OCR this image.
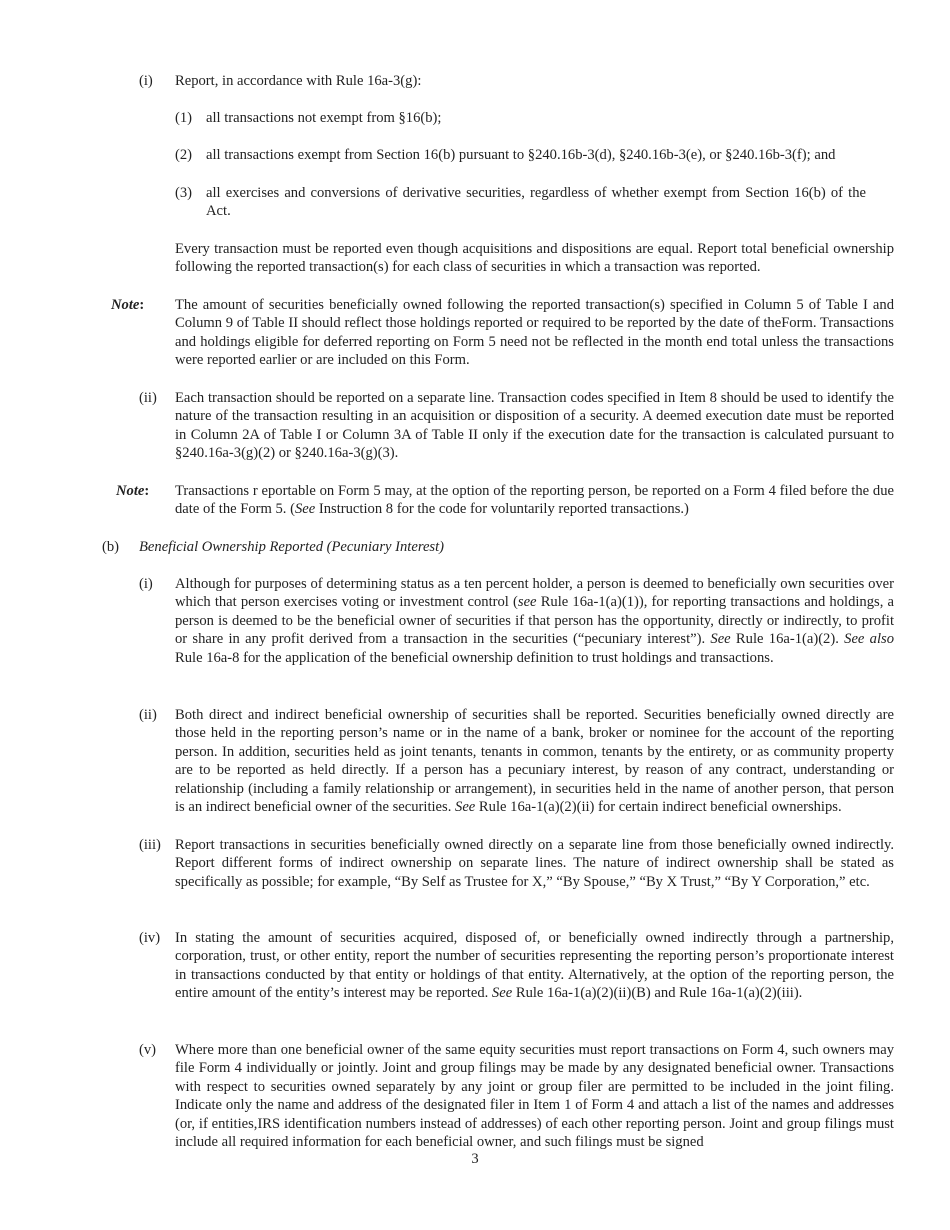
(i) Report, in accordance with Rule 16a-3(g):
(1) all transactions not exempt from §16(b);
(2) all transactions exempt from Section 16(b) pursuant to §240.16b-3(d), §240.16b-3(e), or §240.16b-3(f); and
(3) all exercises and conversions of derivative securities, regardless of whether exempt from Section 16(b) of the Act.
Every transaction must be reported even though acquisitions and dispositions are equal. Report total beneficial ownership following the reported transaction(s) for each class of securities in which a transaction was reported.
Note: The amount of securities beneficially owned following the reported transaction(s) specified in Column 5 of Table I and Column 9 of Table II should reflect those holdings reported or required to be reported by the date of theForm. Transactions and holdings eligible for deferred reporting on Form 5 need not be reflected in the month end total unless the transactions were reported earlier or are included on this Form.
(ii) Each transaction should be reported on a separate line. Transaction codes specified in Item 8 should be used to identify the nature of the transaction resulting in an acquisition or disposition of a security. A deemed execution date must be reported in Column 2A of Table I or Column 3A of Table II only if the execution date for the transaction is calculated pursuant to §240.16a-3(g)(2) or §240.16a-3(g)(3).
Note: Transactions r eportable on Form 5 may, at the option of the reporting person, be reported on a Form 4 filed before the due date of the Form 5. (See Instruction 8 for the code for voluntarily reported transactions.)
(b) Beneficial Ownership Reported (Pecuniary Interest)
(i) Although for purposes of determining status as a ten percent holder, a person is deemed to beneficially own securities over which that person exercises voting or investment control (see Rule 16a-1(a)(1)), for reporting transactions and holdings, a person is deemed to be the beneficial owner of securities if that person has the opportunity, directly or indirectly, to profit or share in any profit derived from a transaction in the securities (“pecuniary interest”). See Rule 16a-1(a)(2). See also Rule 16a-8 for the application of the beneficial ownership definition to trust holdings and transactions.
(ii) Both direct and indirect beneficial ownership of securities shall be reported. Securities beneficially owned directly are those held in the reporting person’s name or in the name of a bank, broker or nominee for the account of the reporting person. In addition, securities held as joint tenants, tenants in common, tenants by the entirety, or as community property are to be reported as held directly. If a person has a pecuniary interest, by reason of any contract, understanding or relationship (including a family relationship or arrangement), in securities held in the name of another person, that person is an indirect beneficial owner of the securities. See Rule 16a-1(a)(2)(ii) for certain indirect beneficial ownerships.
(iii) Report transactions in securities beneficially owned directly on a separate line from those beneficially owned indirectly. Report different forms of indirect ownership on separate lines. The nature of indirect ownership shall be stated as specifically as possible; for example, “By Self as Trustee for X,” “By Spouse,” “By X Trust,” “By Y Corporation,” etc.
(iv) In stating the amount of securities acquired, disposed of, or beneficially owned indirectly through a partnership, corporation, trust, or other entity, report the number of securities representing the reporting person’s proportionate interest in transactions conducted by that entity or holdings of that entity. Alternatively, at the option of the reporting person, the entire amount of the entity’s interest may be reported. See Rule 16a-1(a)(2)(ii)(B) and Rule 16a-1(a)(2)(iii).
(v) Where more than one beneficial owner of the same equity securities must report transactions on Form 4, such owners may file Form 4 individually or jointly. Joint and group filings may be made by any designated beneficial owner. Transactions with respect to securities owned separately by any joint or group filer are permitted to be included in the joint filing. Indicate only the name and address of the designated filer in Item 1 of Form 4 and attach a list of the names and addresses (or, if entities,IRS identification numbers instead of addresses) of each other reporting person. Joint and group filings must include all required information for each beneficial owner, and such filings must be signed
3
